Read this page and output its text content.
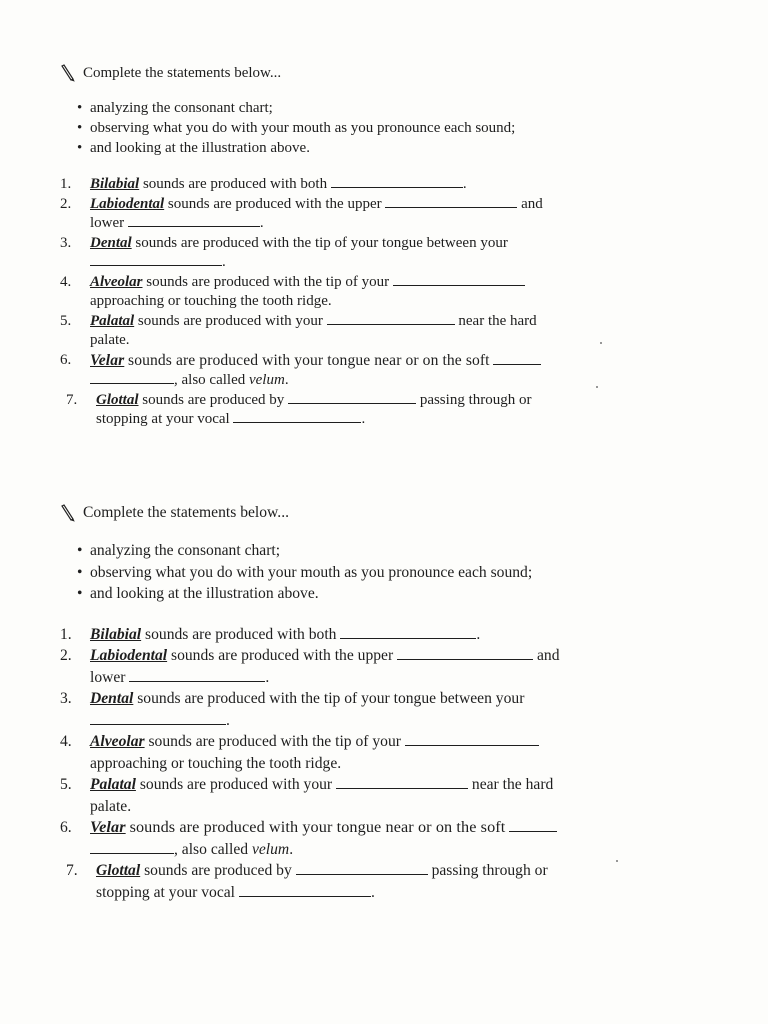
Complete the statements below...
• analyzing the consonant chart;
• observing what you do with your mouth as you pronounce each sound;
• and looking at the illustration above.
1. Bilabial sounds are produced with both	.
2. Labiodental sounds are produced with the upper	and
lower	.
3. Dental sounds are produced with the tip of your tongue between your
.
4. Alveolar sounds are produced with the tip of your
approaching or touching the tooth ridge.
5. Palatal sounds are produced with your	near the hard
palate.
6. Velar sounds are produced with your tongue near or on the soft
, also called velum.
7. Glottal sounds are produced by	passing through or
stopping at your vocal	.
Complete the statements below...
• analyzing the consonant chart;
• observing what you do with your mouth as you pronounce each sound;
• and looking at the illustration above.
1. Bilabial sounds are produced with both	.
2. Labiodental sounds are produced with the upper	and
lower	.
3. Dental sounds are produced with the tip of your tongue between your
.
4. Alveolar sounds are produced with the tip of your
approaching or touching the tooth ridge.
5. Palatal sounds are produced with your	near the hard
palate.
6. Velar sounds are produced with your tongue near or on the soft
, also called velum.
7. Glottal sounds are produced by	passing through or
stopping at your vocal	.
